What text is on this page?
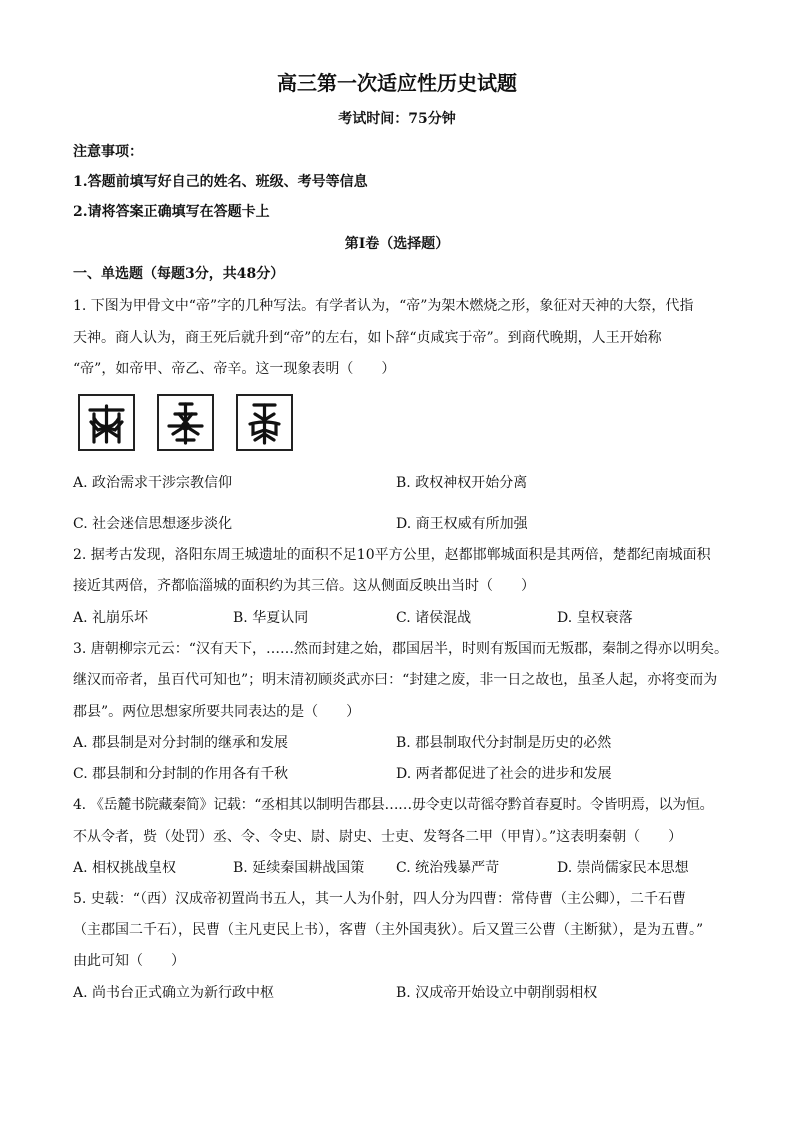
高三第一次适应性历史试题
考试时间：75分钟
注意事项：
1.答题前填写好自己的姓名、班级、考号等信息
2.请将答案正确填写在答题卡上
第Ⅰ卷（选择题）
一、单选题（每题3分，共48分）
1. 下图为甲骨文中“帝”字的几种写法。有学者认为，“帝”为架木燃烧之形，象征对天神的大祭，代指
天神。商人认为，商王死后就升到“帝”的左右，如卜辞“贞咸宾于帝”。到商代晚期，人王开始称
“帝”，如帝甲、帝乙、帝辛。这一现象表明（　　）
A. 政治需求干涉宗教信仰	B. 政权神权开始分离
C. 社会迷信思想逐步淡化	D. 商王权威有所加强
2. 据考古发现，洛阳东周王城遗址的面积不足10平方公里，赵都邯郸城面积是其两倍，楚都纪南城面积
接近其两倍，齐都临淄城的面积约为其三倍。这从侧面反映出当时（　　）
A. 礼崩乐坏	B. 华夏认同	C. 诸侯混战	D. 皇权衰落
3. 唐朝柳宗元云：“汉有天下，……然而封建之始，郡国居半，时则有叛国而无叛郡，秦制之得亦以明矣。
继汉而帝者，虽百代可知也”；明末清初顾炎武亦曰：“封建之废，非一日之故也，虽圣人起，亦将变而为
郡县”。两位思想家所要共同表达的是（　　）
A. 郡县制是对分封制的继承和发展	B. 郡县制取代分封制是历史的必然
C. 郡县制和分封制的作用各有千秋	D. 两者都促进了社会的进步和发展
4. 《岳麓书院藏秦简》记载：“丞相其以制明告郡县……毋令吏以苛徭夺黔首春夏时。令皆明焉，以为恒。
不从令者，赀（处罚）丞、令、令史、尉、尉史、士吏、发弩各二甲（甲胄）。”这表明秦朝（　　）
A. 相权挑战皇权	B. 延续秦国耕战国策 C. 统治残暴严苛	D. 崇尚儒家民本思想
5. 史载：“（西）汉成帝初置尚书五人，其一人为仆射，四人分为四曹：常侍曹（主公卿），二千石曹
（主郡国二千石），民曹（主凡吏民上书），客曹（主外国夷狄）。后又置三公曹（主断狱），是为五曹。”
由此可知（　　）
A. 尚书台正式确立为新行政中枢	B. 汉成帝开始设立中朝削弱相权
